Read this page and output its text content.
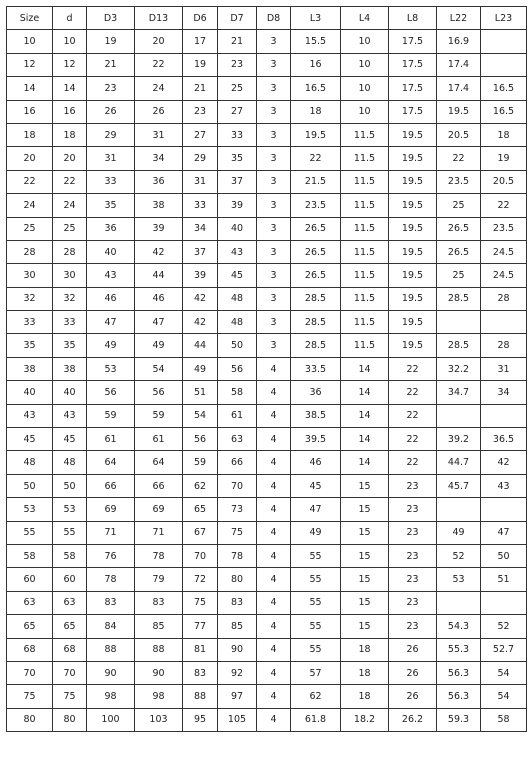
Size	d	D3	D13	D6	D7	D8	L3	L4	L8	L22	L23
10	10	19	20	17	21	3	15.5	10	17.5	16.9	
12	12	21	22	19	23	3	16	10	17.5	17.4	
14	14	23	24	21	25	3	16.5	10	17.5	17.4	16.5
16	16	26	26	23	27	3	18	10	17.5	19.5	16.5
18	18	29	31	27	33	3	19.5	11.5	19.5	20.5	18
20	20	31	34	29	35	3	22	11.5	19.5	22	19
22	22	33	36	31	37	3	21.5	11.5	19.5	23.5	20.5
24	24	35	38	33	39	3	23.5	11.5	19.5	25	22
25	25	36	39	34	40	3	26.5	11.5	19.5	26.5	23.5
28	28	40	42	37	43	3	26.5	11.5	19.5	26.5	24.5
30	30	43	44	39	45	3	26.5	11.5	19.5	25	24.5
32	32	46	46	42	48	3	28.5	11.5	19.5	28.5	28
33	33	47	47	42	48	3	28.5	11.5	19.5		
35	35	49	49	44	50	3	28.5	11.5	19.5	28.5	28
38	38	53	54	49	56	4	33.5	14	22	32.2	31
40	40	56	56	51	58	4	36	14	22	34.7	34
43	43	59	59	54	61	4	38.5	14	22		
45	45	61	61	56	63	4	39.5	14	22	39.2	36.5
48	48	64	64	59	66	4	46	14	22	44.7	42
50	50	66	66	62	70	4	45	15	23	45.7	43
53	53	69	69	65	73	4	47	15	23		
55	55	71	71	67	75	4	49	15	23	49	47
58	58	76	78	70	78	4	55	15	23	52	50
60	60	78	79	72	80	4	55	15	23	53	51
63	63	83	83	75	83	4	55	15	23		
65	65	84	85	77	85	4	55	15	23	54.3	52
68	68	88	88	81	90	4	55	18	26	55.3	52.7
70	70	90	90	83	92	4	57	18	26	56.3	54
75	75	98	98	88	97	4	62	18	26	56.3	54
80	80	100	103	95	105	4	61.8	18.2	26.2	59.3	58
